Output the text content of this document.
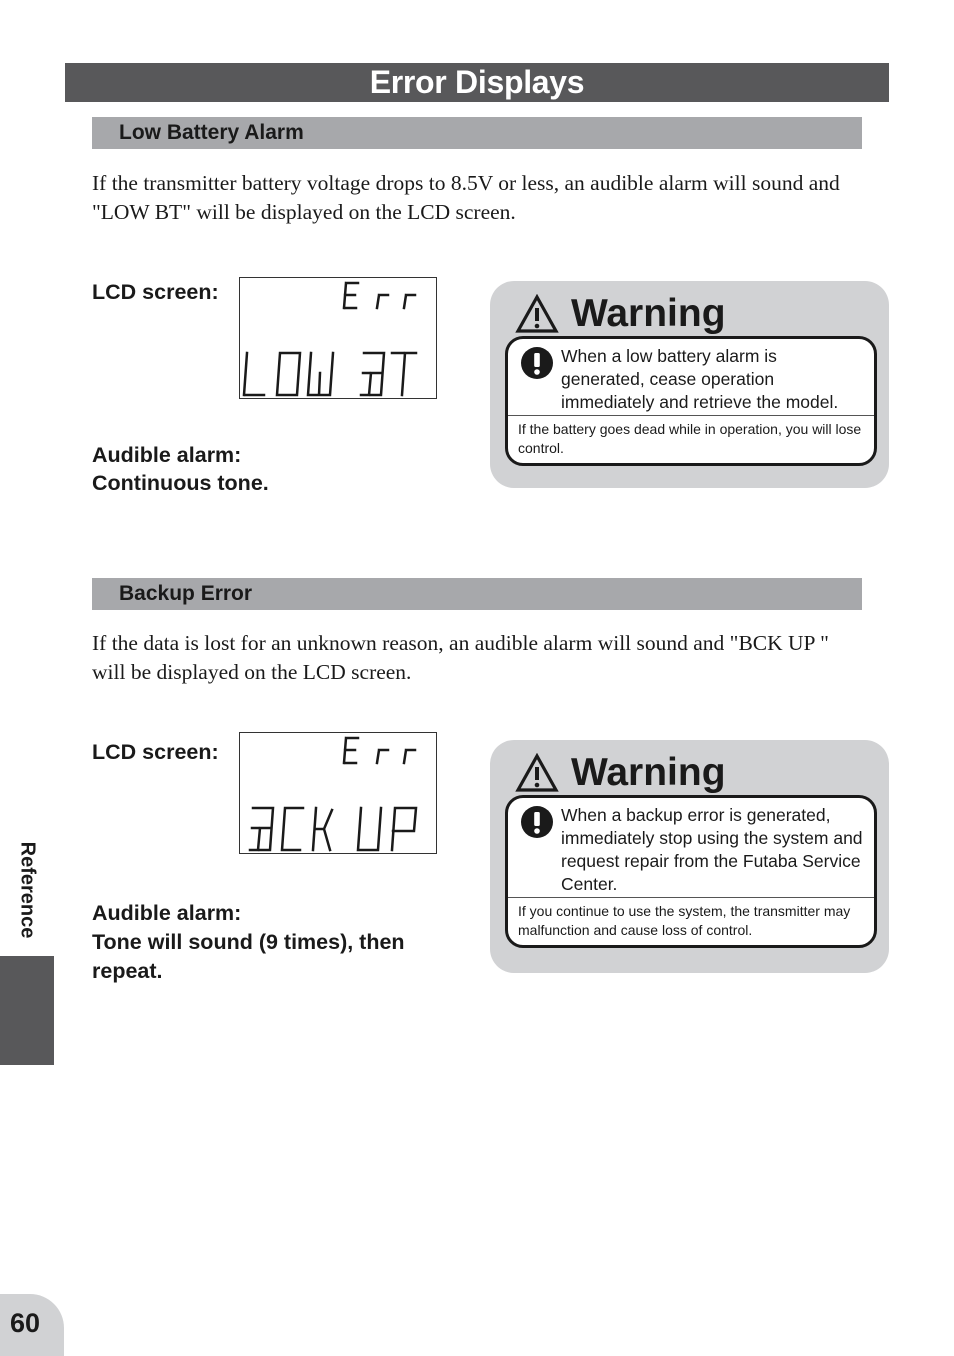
Error Displays
Low Battery Alarm
If the transmitter battery voltage drops to 8.5V or less, an audible alarm will sound and "LOW BT" will be displayed on the LCD screen.
LCD screen:
Audible alarm:
Continuous tone.
Warning
When a low battery alarm is generated, cease operation immediately and retrieve the model.
If the battery goes dead while in operation, you will lose control.
Backup Error
If the data is lost for an unknown reason, an audible alarm will sound and "BCK UP " will be displayed on the LCD screen.
LCD screen:
Audible alarm:
Tone will sound (9 times), then repeat.
Warning
When a backup error is generated, immediately stop using the system and request repair from the Futaba Service Center.
If you continue to use the system, the transmitter may malfunction and cause loss of control.
Reference
60
